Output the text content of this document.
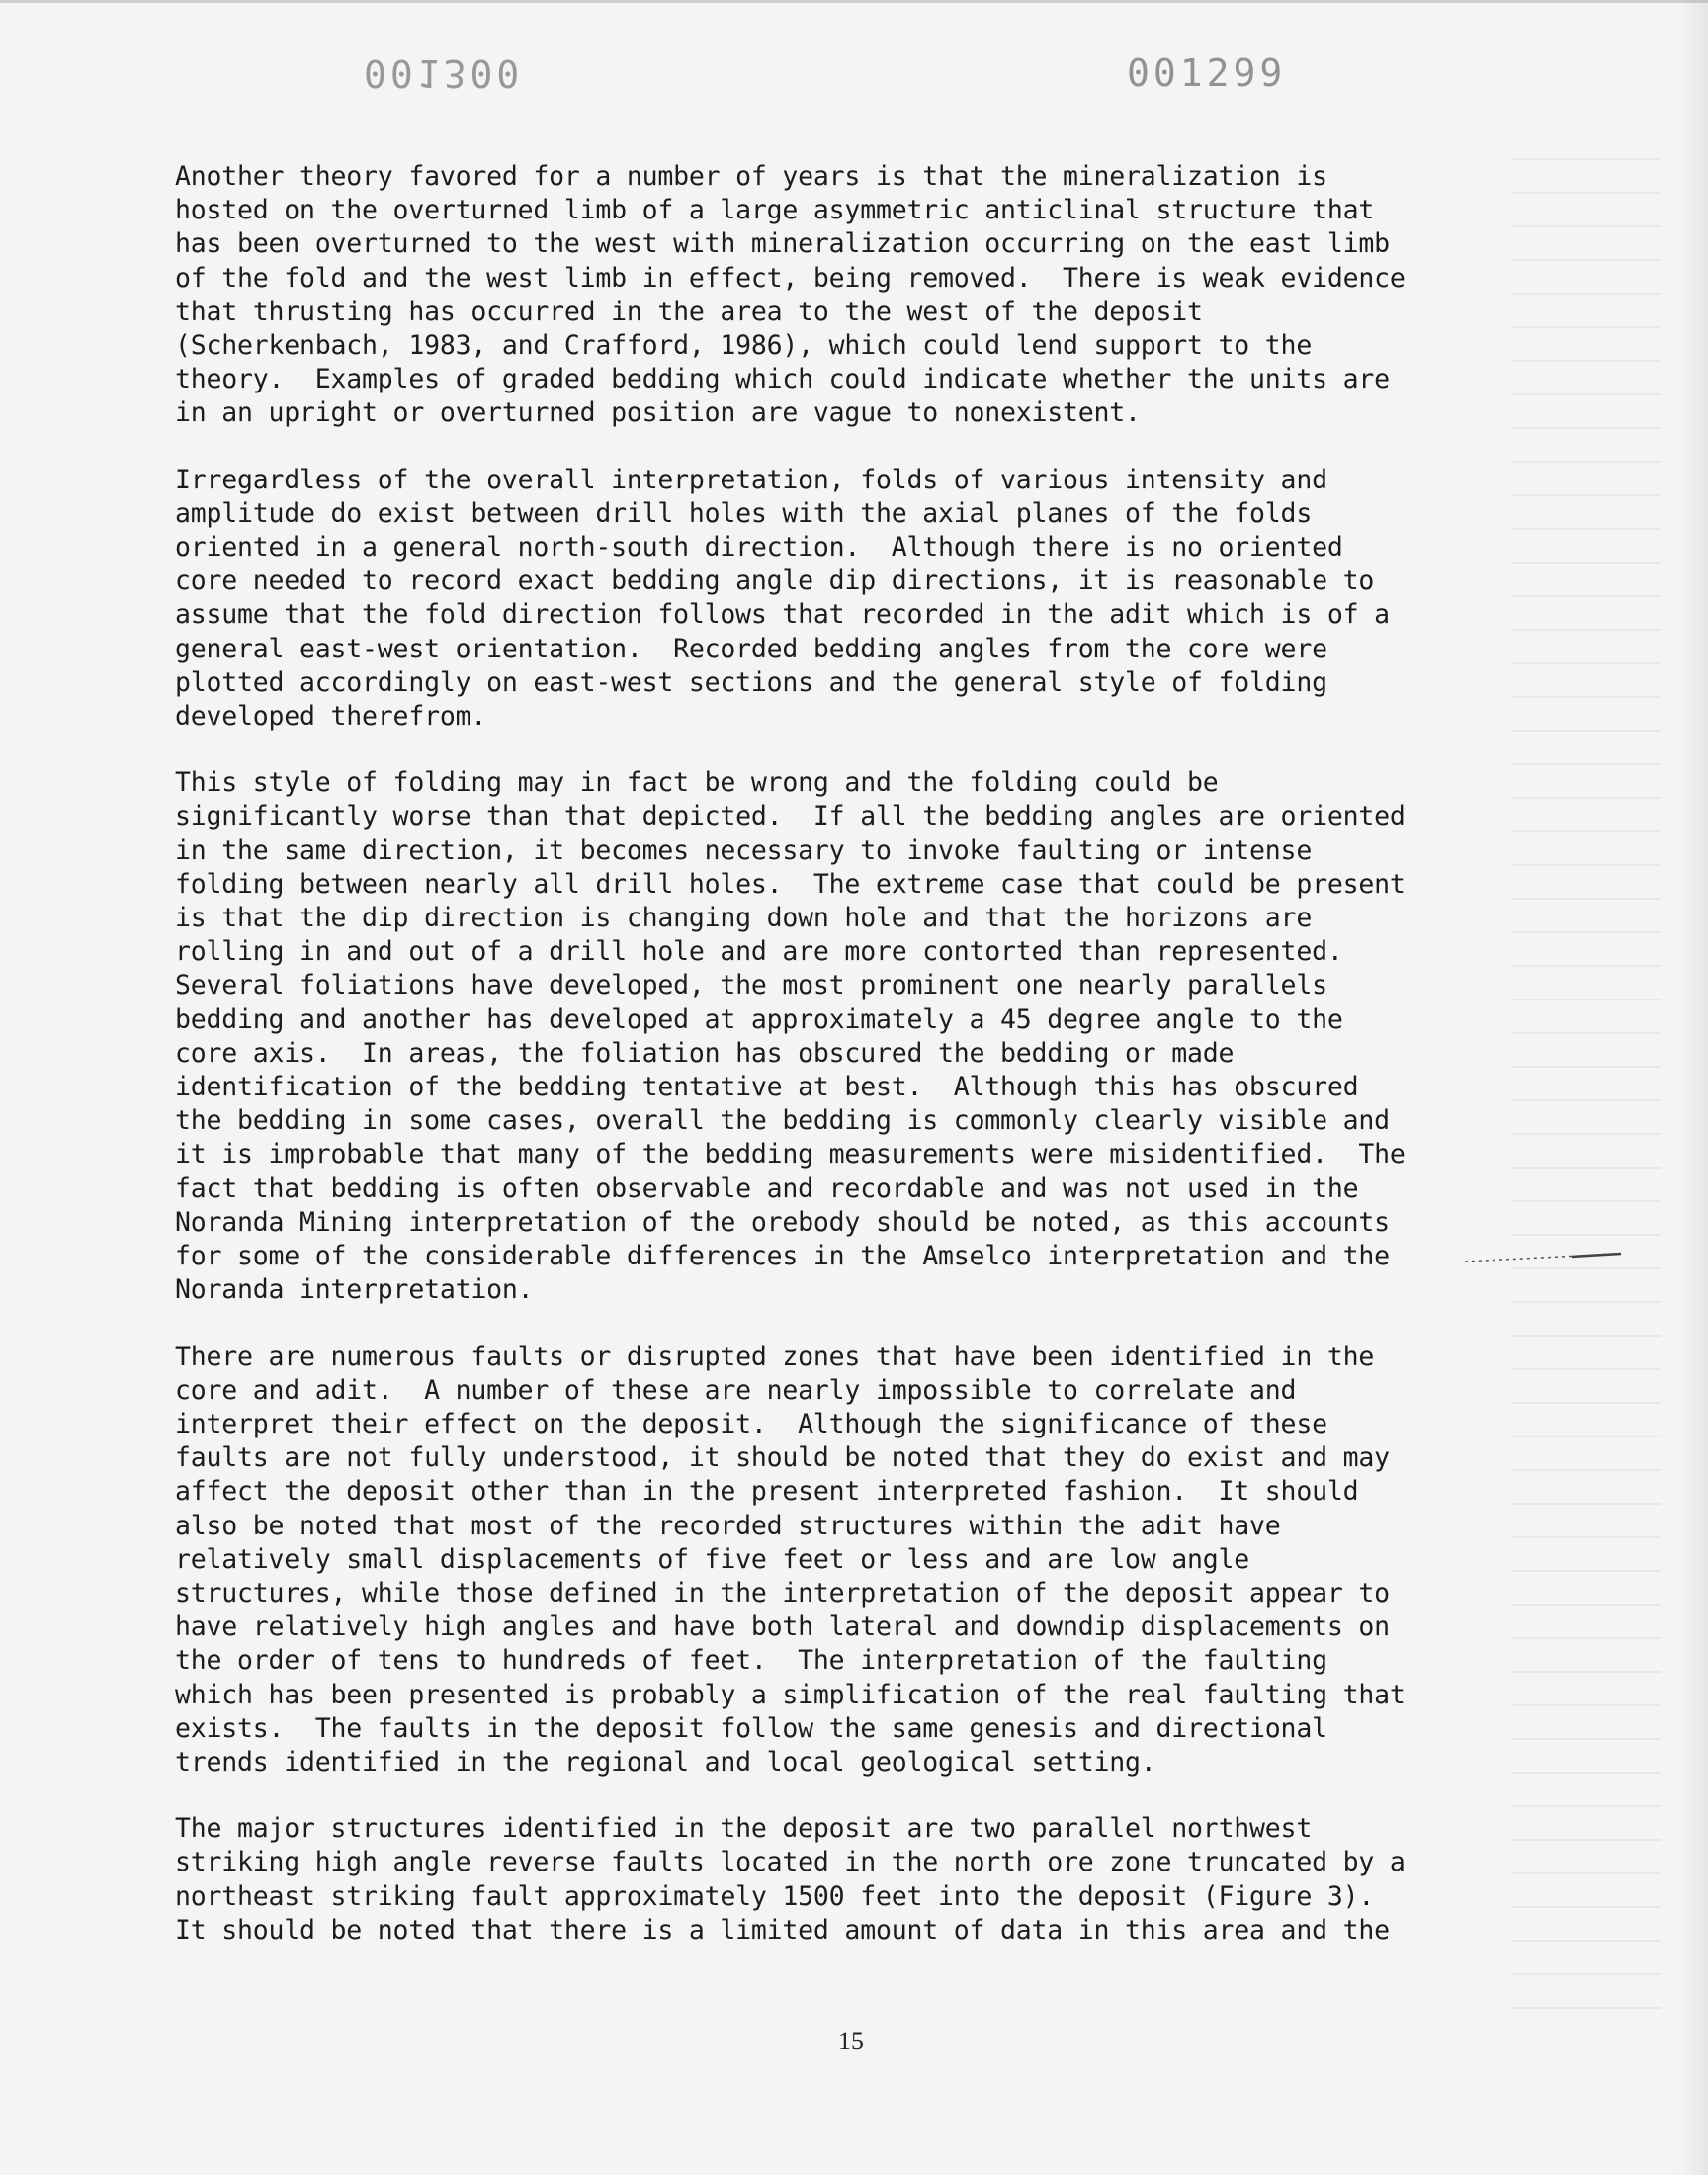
001300	001299
Another theory favored for a number of years is that the mineralization is
hosted on the overturned limb of a large asymmetric anticlinal structure that
has been overturned to the west with mineralization occurring on the east limb
of the fold and the west limb in effect, being removed.  There is weak evidence
that thrusting has occurred in the area to the west of the deposit
(Scherkenbach, 1983, and Crafford, 1986), which could lend support to the
theory.  Examples of graded bedding which could indicate whether the units are
in an upright or overturned position are vague to nonexistent.
Irregardless of the overall interpretation, folds of various intensity and
amplitude do exist between drill holes with the axial planes of the folds
oriented in a general north-south direction.  Although there is no oriented
core needed to record exact bedding angle dip directions, it is reasonable to
assume that the fold direction follows that recorded in the adit which is of a
general east-west orientation.  Recorded bedding angles from the core were
plotted accordingly on east-west sections and the general style of folding
developed therefrom.
This style of folding may in fact be wrong and the folding could be
significantly worse than that depicted.  If all the bedding angles are oriented
in the same direction, it becomes necessary to invoke faulting or intense
folding between nearly all drill holes.  The extreme case that could be present
is that the dip direction is changing down hole and that the horizons are
rolling in and out of a drill hole and are more contorted than represented.
Several foliations have developed, the most prominent one nearly parallels
bedding and another has developed at approximately a 45 degree angle to the
core axis.  In areas, the foliation has obscured the bedding or made
identification of the bedding tentative at best.  Although this has obscured
the bedding in some cases, overall the bedding is commonly clearly visible and
it is improbable that many of the bedding measurements were misidentified.  The
fact that bedding is often observable and recordable and was not used in the
Noranda Mining interpretation of the orebody should be noted, as this accounts
for some of the considerable differences in the Amselco interpretation and the
Noranda interpretation.
There are numerous faults or disrupted zones that have been identified in the
core and adit.  A number of these are nearly impossible to correlate and
interpret their effect on the deposit.  Although the significance of these
faults are not fully understood, it should be noted that they do exist and may
affect the deposit other than in the present interpreted fashion.  It should
also be noted that most of the recorded structures within the adit have
relatively small displacements of five feet or less and are low angle
structures, while those defined in the interpretation of the deposit appear to
have relatively high angles and have both lateral and downdip displacements on
the order of tens to hundreds of feet.  The interpretation of the faulting
which has been presented is probably a simplification of the real faulting that
exists.  The faults in the deposit follow the same genesis and directional
trends identified in the regional and local geological setting.
The major structures identified in the deposit are two parallel northwest
striking high angle reverse faults located in the north ore zone truncated by a
northeast striking fault approximately 1500 feet into the deposit (Figure 3).
It should be noted that there is a limited amount of data in this area and the
15
